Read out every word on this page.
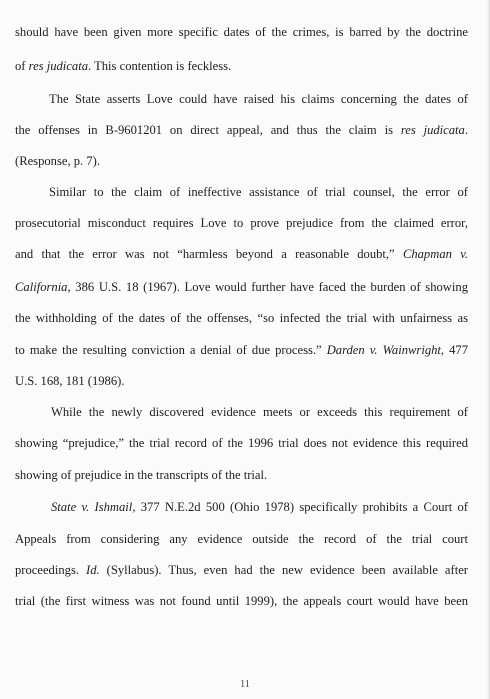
should have been given more specific dates of the crimes, is barred by the doctrine
of res judicata. This contention is feckless.
The State asserts Love could have raised his claims concerning the dates of
the offenses in B-9601201 on direct appeal, and thus the claim is res judicata.
(Response, p. 7).
Similar to the claim of ineffective assistance of trial counsel, the error of
prosecutorial misconduct requires Love to prove prejudice from the claimed error,
and that the error was not “harmless beyond a reasonable doubt,” Chapman v.
California, 386 U.S. 18 (1967). Love would further have faced the burden of showing
the withholding of the dates of the offenses, “so infected the trial with unfairness as
to make the resulting conviction a denial of due process.” Darden v. Wainwright, 477
U.S. 168, 181 (1986).
While the newly discovered evidence meets or exceeds this requirement of
showing “prejudice,” the trial record of the 1996 trial does not evidence this required
showing of prejudice in the transcripts of the trial.
State v. Ishmail, 377 N.E.2d 500 (Ohio 1978) specifically prohibits a Court of
Appeals from considering any evidence outside the record of the trial court
proceedings. Id. (Syllabus). Thus, even had the new evidence been available after
trial (the first witness was not found until 1999), the appeals court would have been
11
